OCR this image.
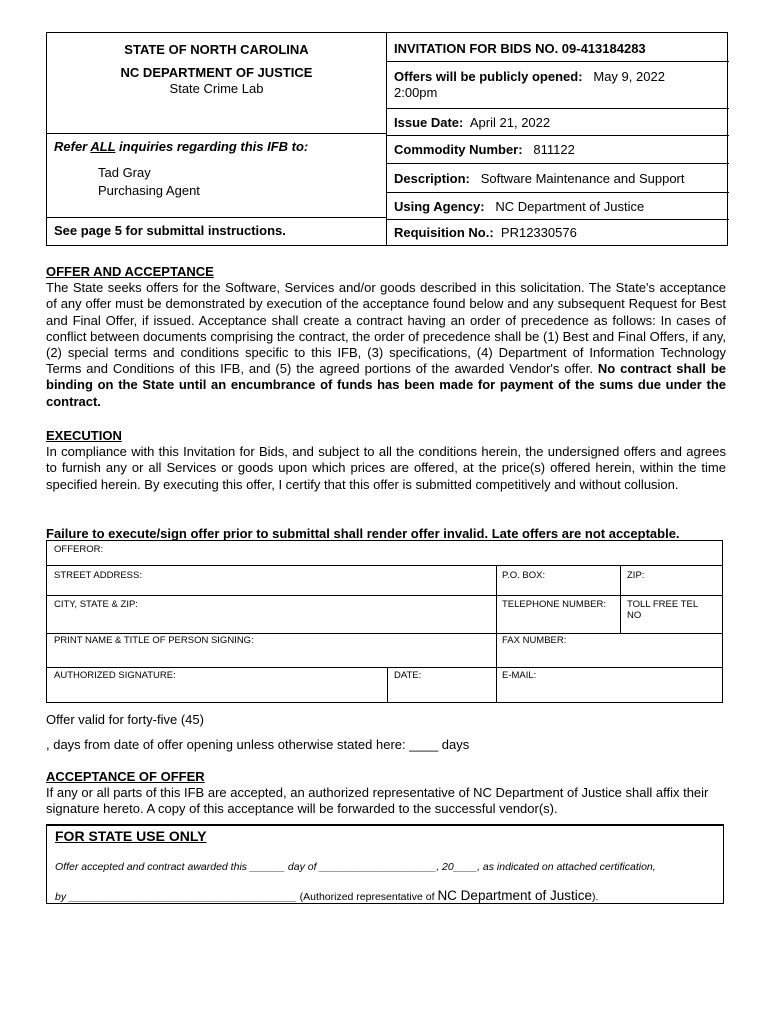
STATE OF NORTH CAROLINA
NC DEPARTMENT OF JUSTICE
State Crime Lab
Refer ALL inquiries regarding this IFB to:
Tad Gray
Purchasing Agent
See page 5 for submittal instructions.
INVITATION FOR BIDS NO. 09-413184283
Offers will be publicly opened: May 9, 2022
2:00pm
Issue Date: April 21, 2022
Commodity Number: 811122
Description: Software Maintenance and Support
Using Agency: NC Department of Justice
Requisition No.: PR12330576
OFFER AND ACCEPTANCE
The State seeks offers for the Software, Services and/or goods described in this solicitation. The State's acceptance of any offer must be demonstrated by execution of the acceptance found below and any subsequent Request for Best and Final Offer, if issued. Acceptance shall create a contract having an order of precedence as follows: In cases of conflict between documents comprising the contract, the order of precedence shall be (1) Best and Final Offers, if any, (2) special terms and conditions specific to this IFB, (3) specifications, (4) Department of Information Technology Terms and Conditions of this IFB, and (5) the agreed portions of the awarded Vendor's offer. No contract shall be binding on the State until an encumbrance of funds has been made for payment of the sums due under the contract.
EXECUTION
In compliance with this Invitation for Bids, and subject to all the conditions herein, the undersigned offers and agrees to furnish any or all Services or goods upon which prices are offered, at the price(s) offered herein, within the time specified herein. By executing this offer, I certify that this offer is submitted competitively and without collusion.
Failure to execute/sign offer prior to submittal shall render offer invalid. Late offers are not acceptable.
OFFEROR:
STREET ADDRESS:	P.O. BOX:	ZIP:
CITY, STATE & ZIP:	TELEPHONE NUMBER: TOLL FREE TEL
NO
PRINT NAME & TITLE OF PERSON SIGNING:	FAX NUMBER:
AUTHORIZED SIGNATURE:	DATE:	E-MAIL:
Offer valid for forty-five (45)
, days from date of offer opening unless otherwise stated here: ____ days
ACCEPTANCE OF OFFER
If any or all parts of this IFB are accepted, an authorized representative of NC Department of Justice shall affix their signature hereto. A copy of this acceptance will be forwarded to the successful vendor(s).
FOR STATE USE ONLY
Offer accepted and contract awarded this ______ day of ____________________, 20____, as indicated on attached certification,
by _______________________________________ (Authorized representative of NC Department of Justice).
